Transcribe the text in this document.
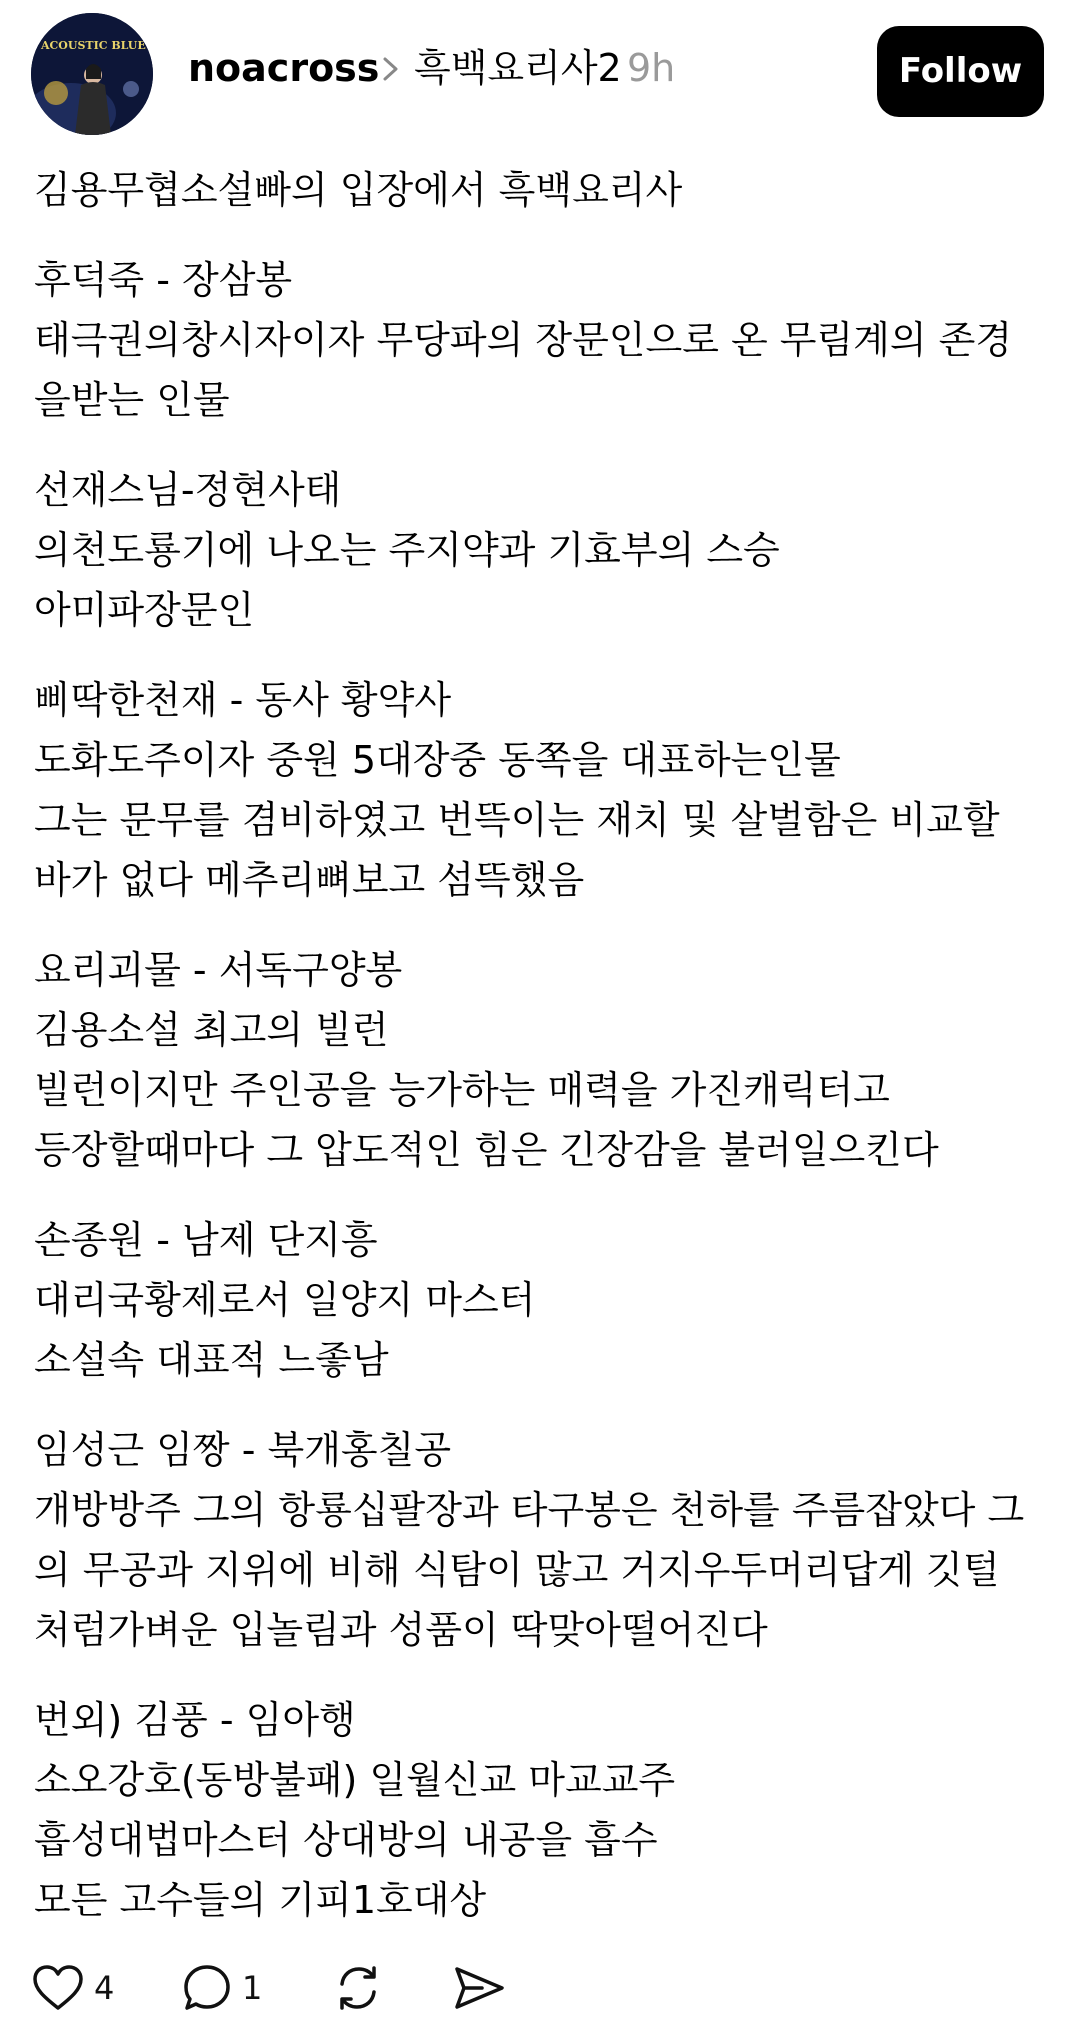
ACOUSTIC BLUE
noacross 흑백요리사2 9h	Follow
김용무협소설빠의 입장에서 흑백요리사
후덕죽 - 장삼봉
태극권의창시자이자 무당파의 장문인으로 온 무림계의 존경
을받는 인물
선재스님-정현사태
의천도룡기에 나오는 주지약과 기효부의 스승
아미파장문인
삐딱한천재 - 동사 황약사
도화도주이자 중원 5대장중 동쪽을 대표하는인물
그는 문무를 겸비하였고 번뜩이는 재치 및 살벌함은 비교할
바가 없다 메추리뼈보고 섬뜩했음
요리괴물 - 서독구양봉
김용소설 최고의 빌런
빌런이지만 주인공을 능가하는 매력을 가진캐릭터고
등장할때마다 그 압도적인 힘은 긴장감을 불러일으킨다
손종원 - 남제 단지흥
대리국황제로서 일양지 마스터
소설속 대표적 느좋남
임성근 임짱 - 북개홍칠공
개방방주 그의 항룡십팔장과 타구봉은 천하를 주름잡았다 그
의 무공과 지위에 비해 식탐이 많고 거지우두머리답게 깃털
처럼가벼운 입놀림과 성품이 딱맞아떨어진다
번외) 김풍 - 임아행
소오강호(동방불패) 일월신교 마교교주
흡성대법마스터 상대방의 내공을 흡수
모든 고수들의 기피1호대상
4	1
